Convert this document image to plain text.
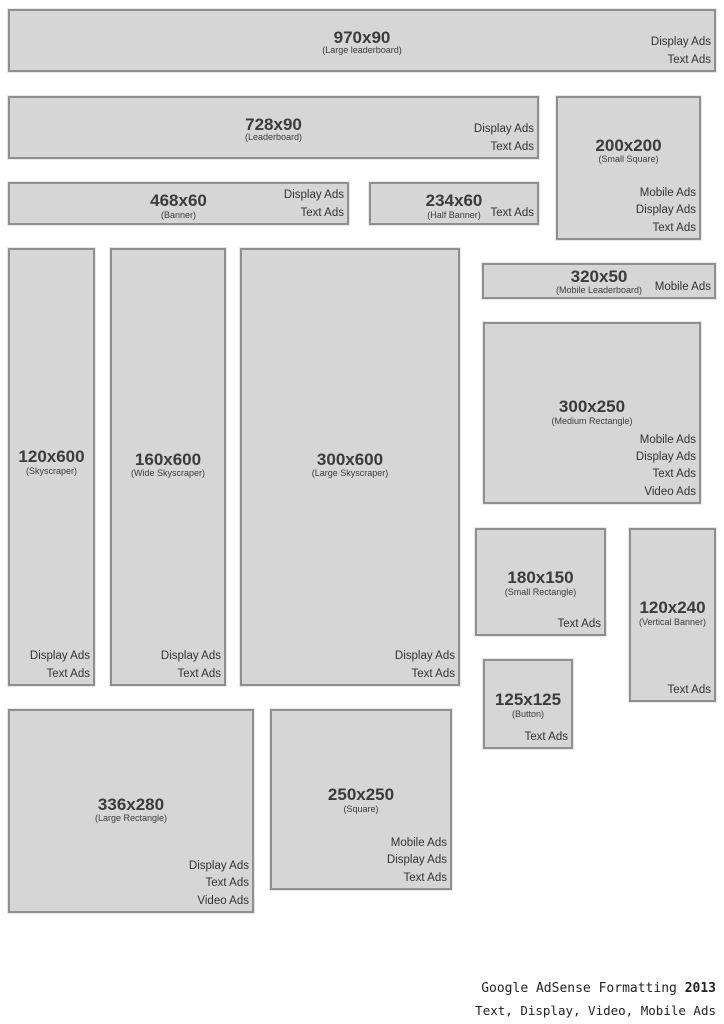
970x90
(Large leaderboard)
Display Ads
Text Ads
728x90
(Leaderboard)
Display Ads
Text Ads	200x200
(Small Square)
Mobile Ads
Display Ads
Text Ads
468x60
(Banner)
Display Ads
Text Ads
234x60
(Half Banner) Text Ads
320x50
(Mobile Leaderboard)	Mobile Ads
120x600
(Skyscraper)
Display Ads
Text Ads
160x600
(Wide Skyscraper)
Display Ads
Text Ads
300x600
(Large Skyscraper)
Display Ads
Text Ads
300x250
(Medium Rectangle)
Mobile Ads
Display Ads
Text Ads
Video Ads
180x150
(Small Rectangle)
Text Ads
120x240
(Vertical Banner)
Text Ads
125x125
(Button)
Text Ads
336x280
(Large Rectangle)
Display Ads
Text Ads
Video Ads
250x250
(Square)
Mobile Ads
Display Ads
Text Ads
Google AdSense Formatting 2013
Text, Display, Video, Mobile Ads
